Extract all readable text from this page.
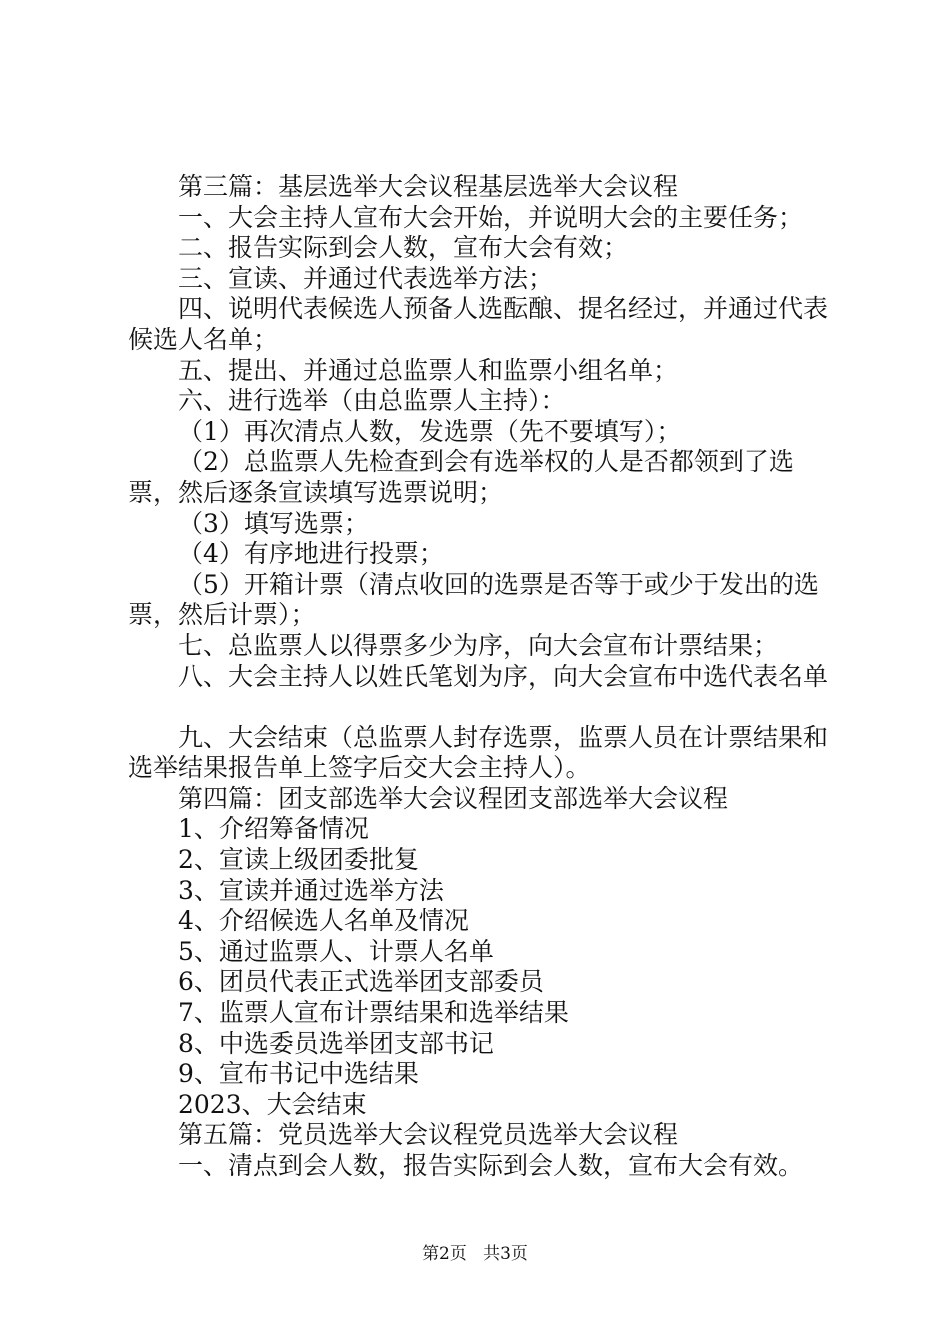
第三篇：基层选举大会议程基层选举大会议程

一、大会主持人宣布大会开始，并说明大会的主要任务；

二、报告实际到会人数，宣布大会有效；

三、宣读、并通过代表选举方法；

四、说明代表候选人预备人选酝酿、提名经过，并通过代表候选人名单；

五、提出、并通过总监票人和监票小组名单；

六、进行选举（由总监票人主持）：

（1）再次清点人数，发选票（先不要填写）；

（2）总监票人先检查到会有选举权的人是否都领到了选票，然后逐条宣读填写选票说明；

（3）填写选票；

（4）有序地进行投票；

（5）开箱计票（清点收回的选票是否等于或少于发出的选票，然后计票）；

七、总监票人以得票多少为序，向大会宣布计票结果；

八、大会主持人以姓氏笔划为序，向大会宣布中选代表名单

九、大会结束（总监票人封存选票，监票人员在计票结果和选举结果报告单上签字后交大会主持人）。

第四篇：团支部选举大会议程团支部选举大会议程

1、介绍筹备情况

2、宣读上级团委批复

3、宣读并通过选举方法

4、介绍候选人名单及情况

5、通过监票人、计票人名单

6、团员代表正式选举团支部委员

7、监票人宣布计票结果和选举结果

8、中选委员选举团支部书记

9、宣布书记中选结果

2023、大会结束

第五篇：党员选举大会议程党员选举大会议程

一、清点到会人数，报告实际到会人数，宣布大会有效。

第2页 共3页
